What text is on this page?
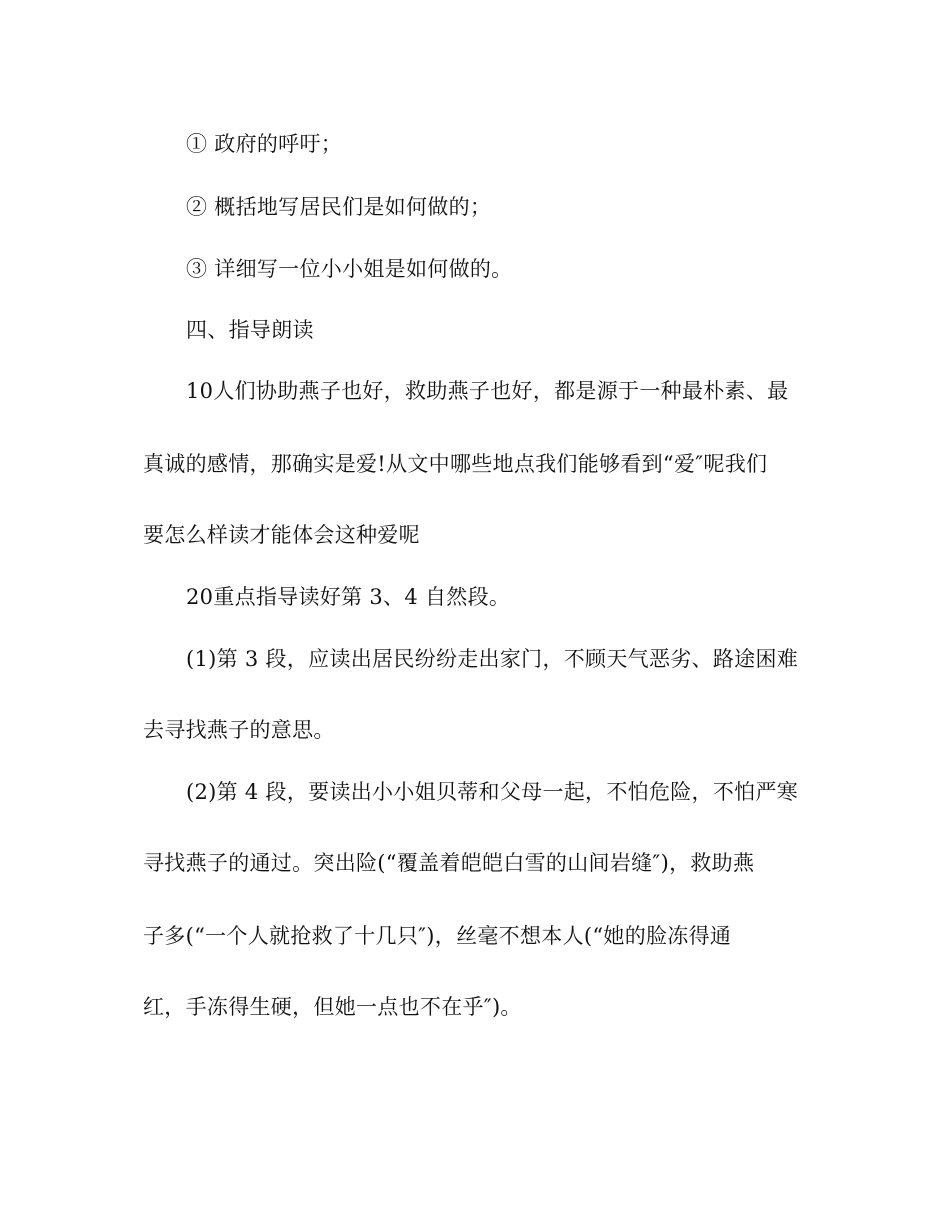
① 政府的呼吁；
② 概括地写居民们是如何做的；
③ 详细写一位小小姐是如何做的。
四、指导朗读
10人们协助燕子也好，救助燕子也好，都是源于一种最朴素、最
真诚的感情，那确实是爱!从文中哪些地点我们能够看到“爱″呢我们
要怎么样读才能体会这种爱呢
20重点指导读好第 3、4 自然段。
(1)第 3 段，应读出居民纷纷走出家门，不顾天气恶劣、路途困难
去寻找燕子的意思。
(2)第 4 段，要读出小小姐贝蒂和父母一起，不怕危险，不怕严寒
寻找燕子的通过。突出险(“覆盖着皑皑白雪的山间岩缝″)，救助燕
子多(“一个人就抢救了十几只″)，丝毫不想本人(“她的脸冻得通
红，手冻得生硬，但她一点也不在乎″)。
